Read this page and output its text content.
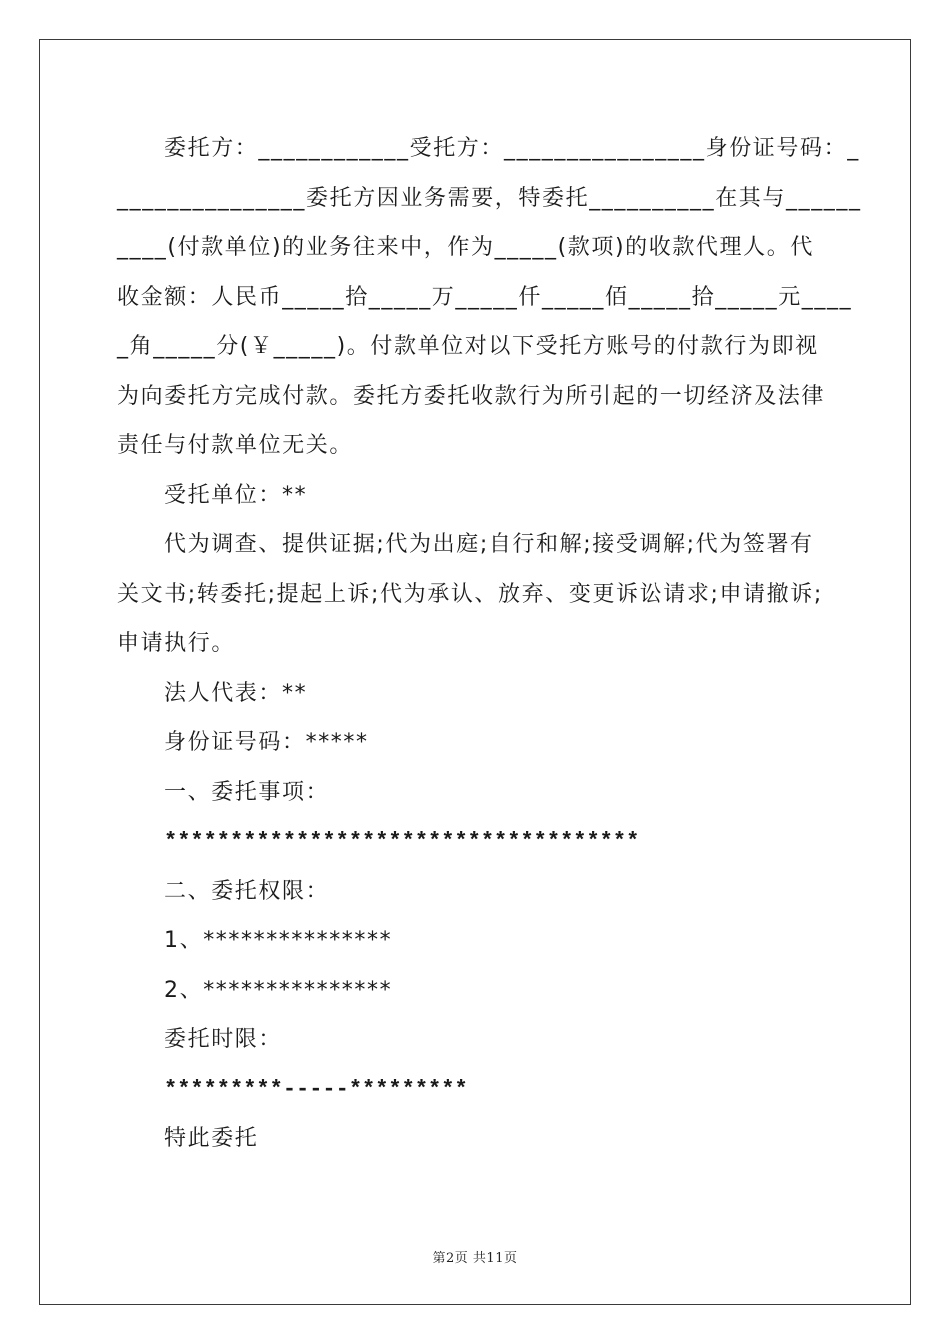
委托方：____________受托方：________________身份证号码：_

_______________委托方因业务需要，特委托__________在其与______

____(付款单位)的业务往来中，作为_____(款项)的收款代理人。代

收金额：人民币_____拾_____万_____仟_____佰_____拾_____元____

_角_____分(￥_____)。付款单位对以下受托方账号的付款行为即视

为向委托方完成付款。委托方委托收款行为所引起的一切经济及法律

责任与付款单位无关。

受托单位：**

代为调查、提供证据;代为出庭;自行和解;接受调解;代为签署有

关文书;转委托;提起上诉;代为承认、放弃、变更诉讼请求;申请撤诉;

申请执行。

法人代表：**

身份证号码：*****

一、委托事项：

************************************

二、委托权限：

1、***************

2、***************

委托时限：

*********-----*********

特此委托

第2页 共11页
